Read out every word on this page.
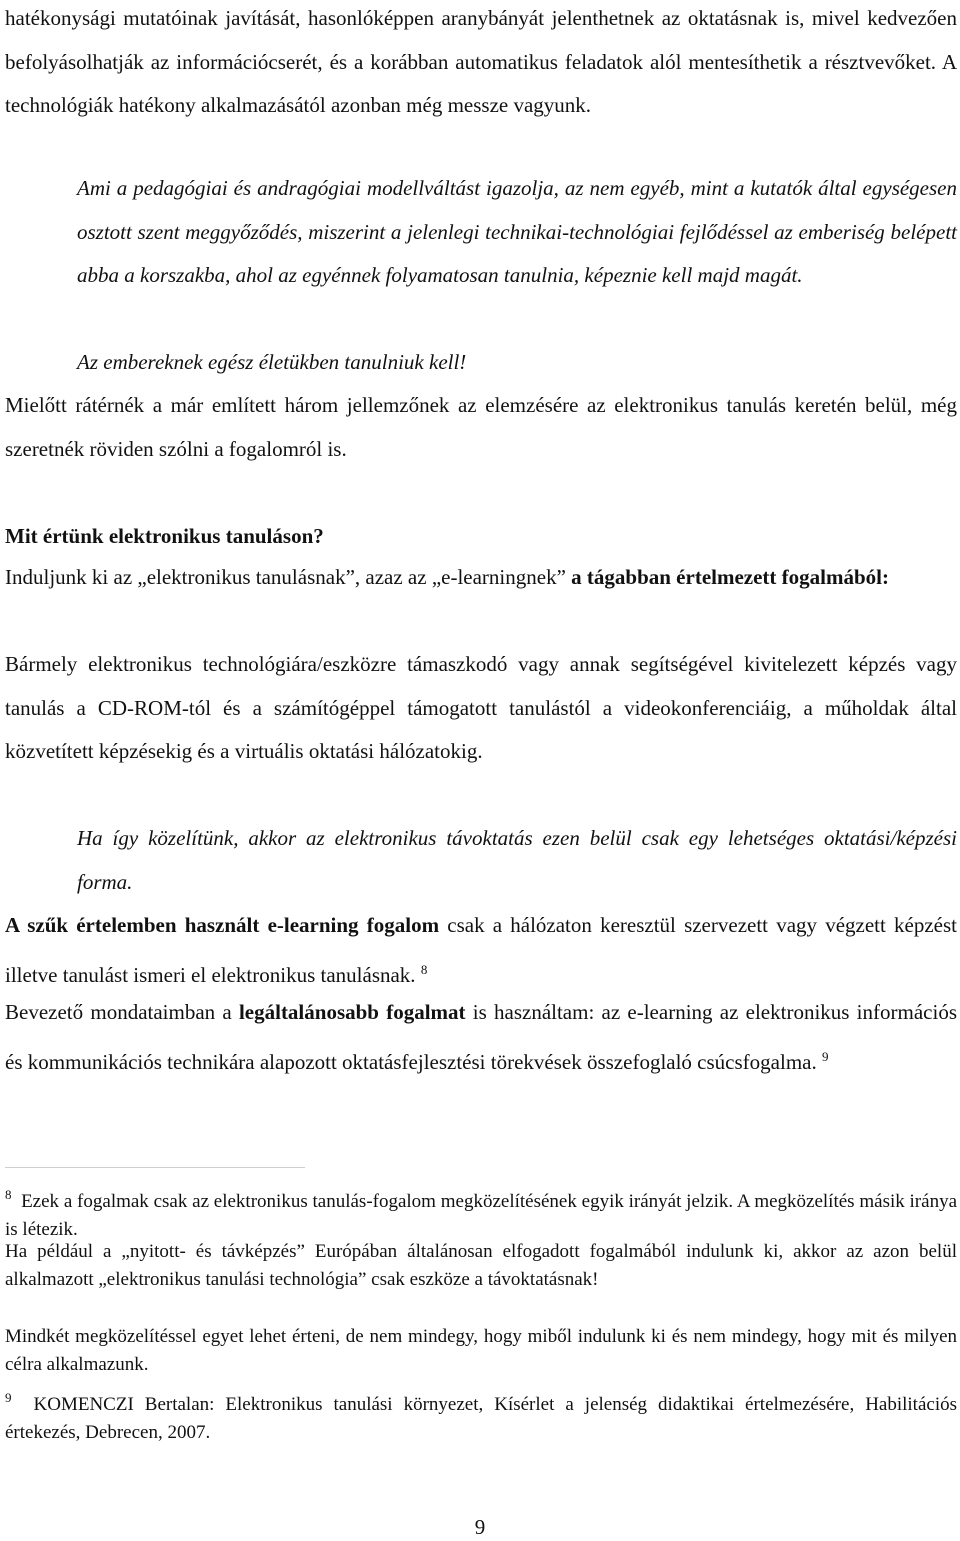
hatékonysági mutatóinak javítását, hasonlóképpen aranybányát jelenthetnek az oktatásnak is, mivel kedvezően befolyásolhatják az információcserét, és a korábban automatikus feladatok alól mentesíthetik a résztvevőket. A technológiák hatékony alkalmazásától azonban még messze vagyunk.

Ami a pedagógiai és andragógiai modellváltást igazolja, az nem egyéb, mint a kutatók által egységesen osztott szent meggyőződés, miszerint a jelenlegi technikai-technológiai fejlődéssel az emberiség belépett abba a korszakba, ahol az egyénnek folyamatosan tanulnia, képeznie kell majd magát.

Az embereknek egész életükben tanulniuk kell!

Mielőtt rátérnék a már említett három jellemzőnek az elemzésére az elektronikus tanulás keretén belül, még szeretnék röviden szólni a fogalomról is.

Mit értünk elektronikus tanuláson?

Induljunk ki az „elektronikus tanulásnak”, azaz az „e-learningnek” a tágabban értelmezett fogalmából:

Bármely elektronikus technológiára/eszközre támaszkodó vagy annak segítségével kivitelezett képzés vagy tanulás a CD-ROM-tól és a számítógéppel támogatott tanulástól a videokonferenciáig, a műholdak által közvetített képzésekig és a virtuális oktatási hálózatokig.

Ha így közelítünk, akkor az elektronikus távoktatás ezen belül csak egy lehetséges oktatási/képzési forma.

A szűk értelemben használt e-learning fogalom csak a hálózaton keresztül szervezett vagy végzett képzést illetve tanulást ismeri el elektronikus tanulásnak. $^8$

Bevezető mondataimban a legáltalánosabb fogalmat is használtam: az e-learning az elektronikus információs és kommunikációs technikára alapozott oktatásfejlesztési törekvések összefoglaló csúcsfogalma. $^9$

$^8$ Ezek a fogalmak csak az elektronikus tanulás-fogalom megközelítésének egyik irányát jelzik. A megközelítés másik iránya is létezik.

Ha például a „nyitott- és távképzés” Európában általánosan elfogadott fogalmából indulunk ki, akkor az azon belül alkalmazott „elektronikus tanulási technológia” csak eszköze a távoktatásnak!

Mindkét megközelítéssel egyet lehet érteni, de nem mindegy, hogy miből indulunk ki és nem mindegy, hogy mit és milyen célra alkalmazunk.

$^9$ KOMENCZI Bertalan: Elektronikus tanulási környezet, Kísérlet a jelenség didaktikai értelmezésére, Habilitációs értekezés, Debrecen, 2007.

9
